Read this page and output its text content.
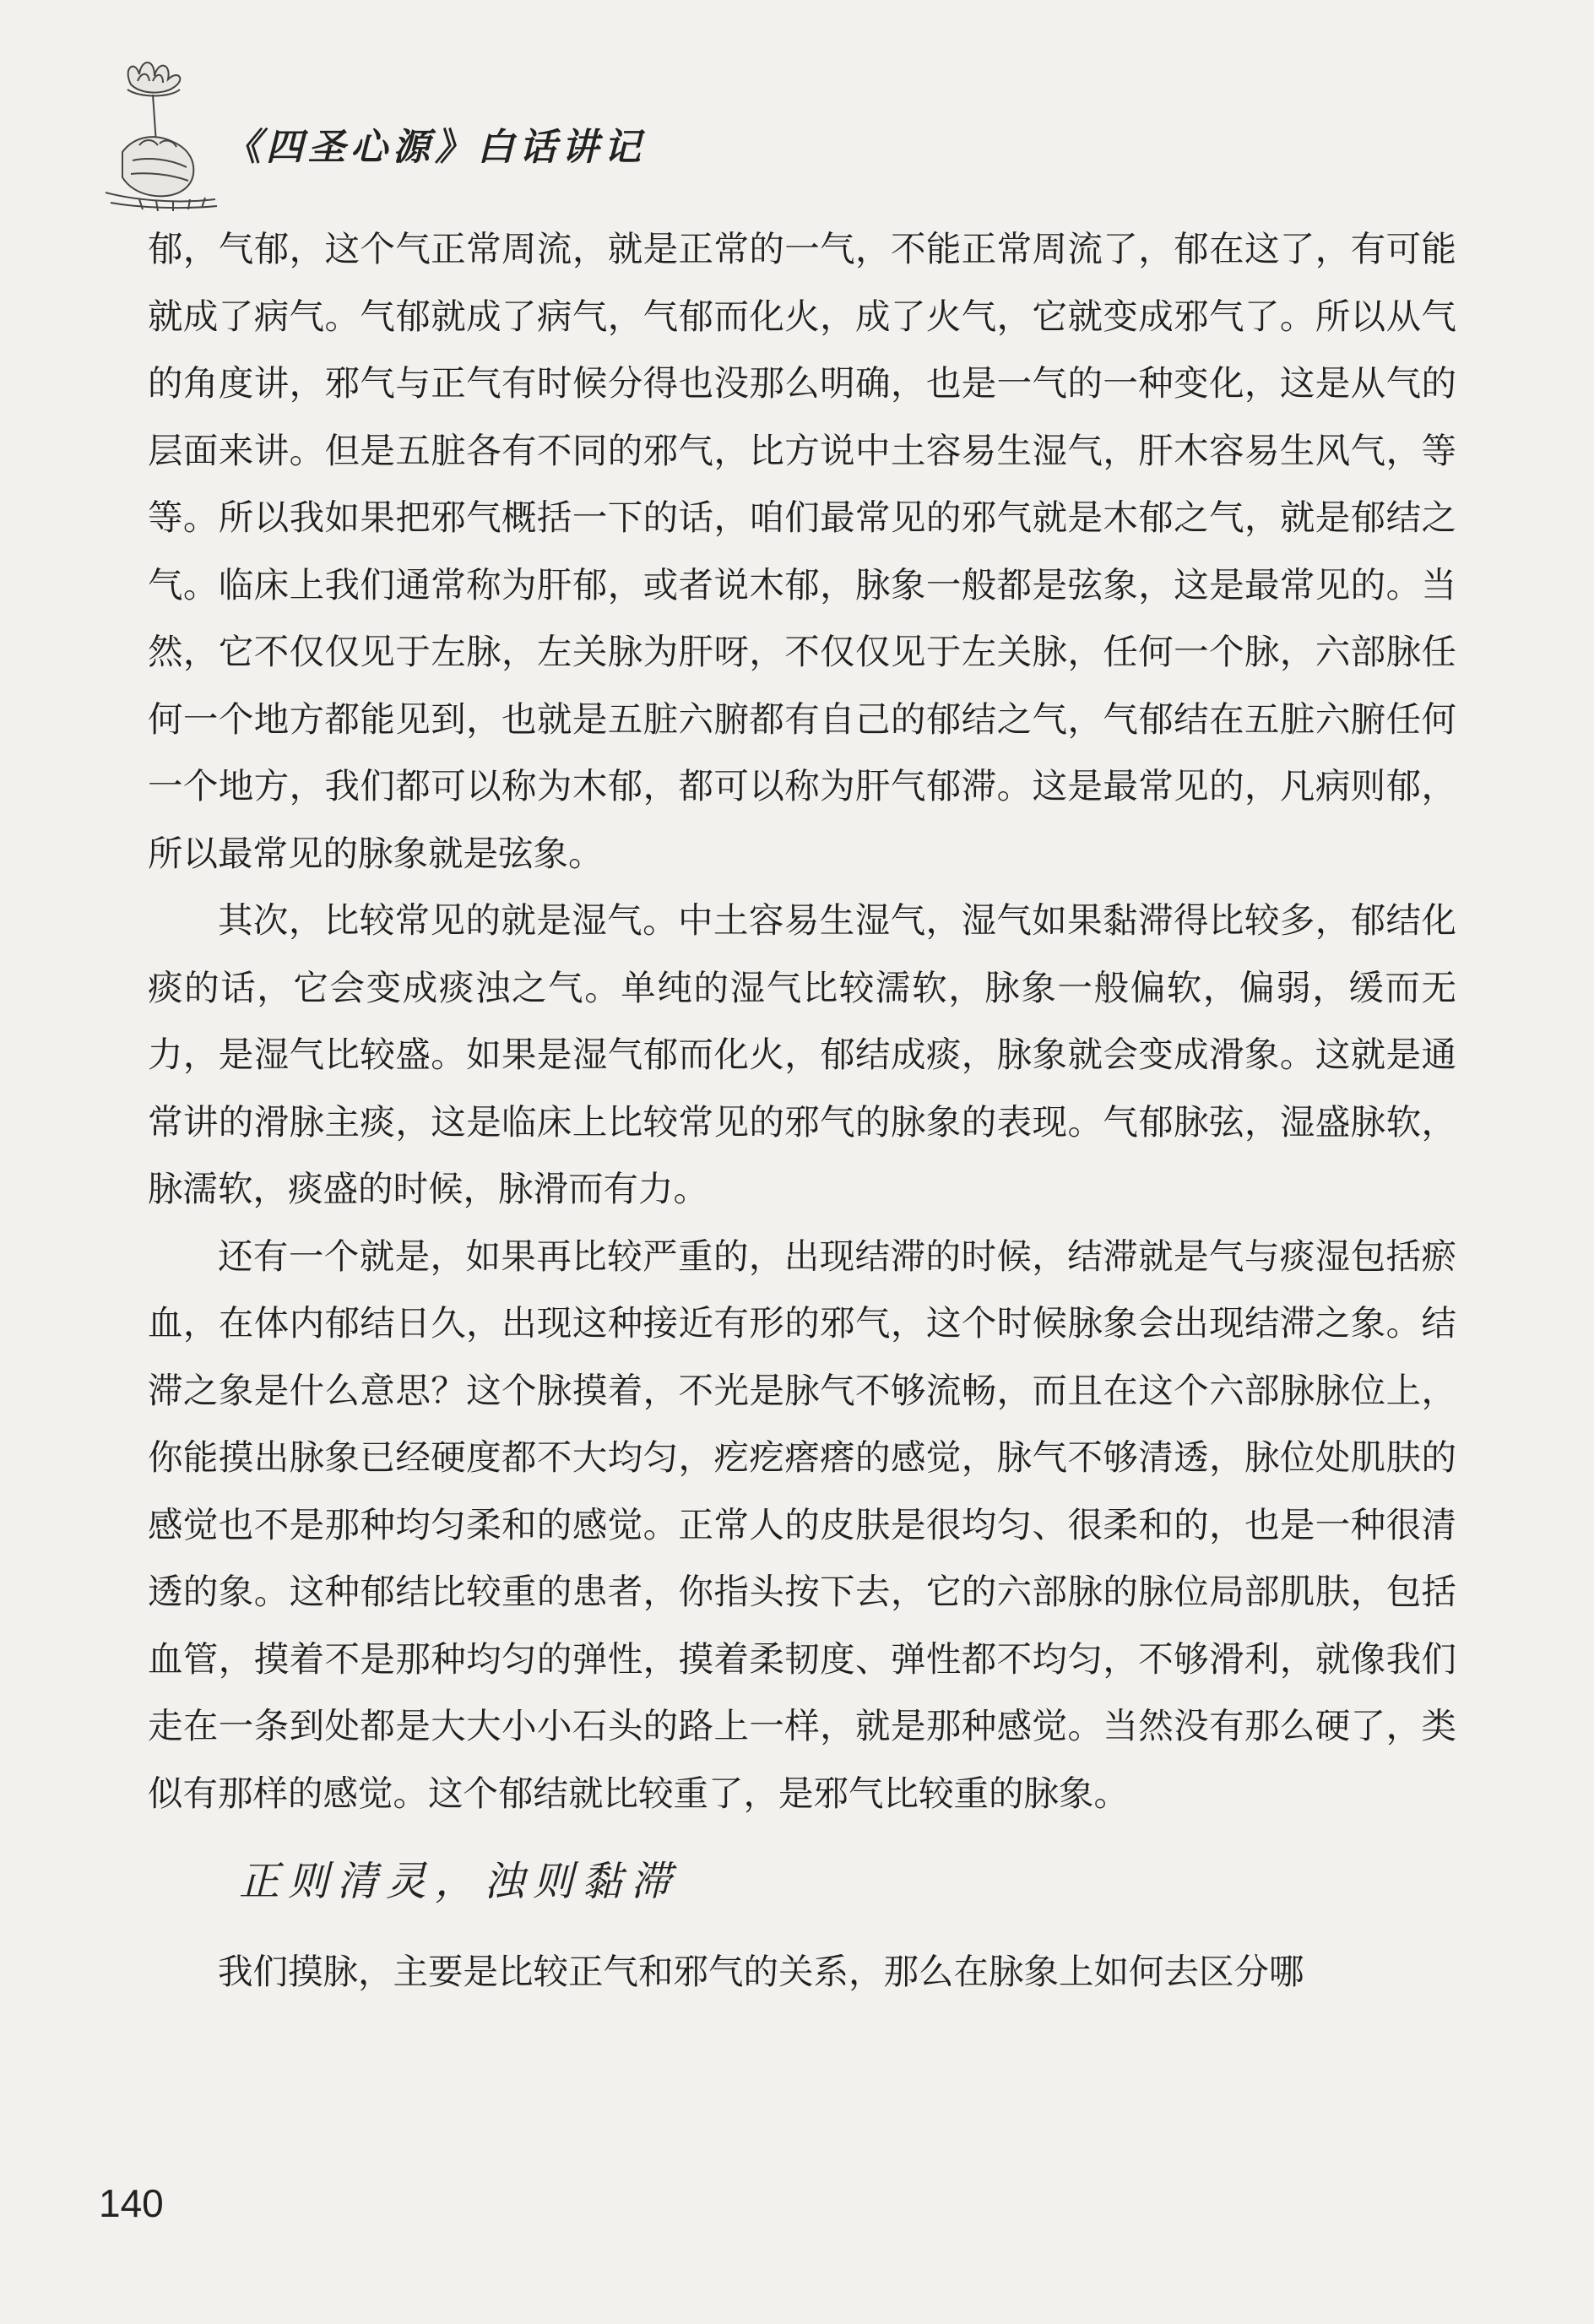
《四圣心源》白话讲记

郁，气郁，这个气正常周流，就是正常的一气，不能正常周流了，郁在这了，有可能就成了病气。气郁就成了病气，气郁而化火，成了火气，它就变成邪气了。所以从气的角度讲，邪气与正气有时候分得也没那么明确，也是一气的一种变化，这是从气的层面来讲。但是五脏各有不同的邪气，比方说中土容易生湿气，肝木容易生风气，等等。所以我如果把邪气概括一下的话，咱们最常见的邪气就是木郁之气，就是郁结之气。临床上我们通常称为肝郁，或者说木郁，脉象一般都是弦象，这是最常见的。当然，它不仅仅见于左脉，左关脉为肝呀，不仅仅见于左关脉，任何一个脉，六部脉任何一个地方都能见到，也就是五脏六腑都有自己的郁结之气，气郁结在五脏六腑任何一个地方，我们都可以称为木郁，都可以称为肝气郁滞。这是最常见的，凡病则郁，所以最常见的脉象就是弦象。

其次，比较常见的就是湿气。中土容易生湿气，湿气如果黏滞得比较多，郁结化痰的话，它会变成痰浊之气。单纯的湿气比较濡软，脉象一般偏软，偏弱，缓而无力，是湿气比较盛。如果是湿气郁而化火，郁结成痰，脉象就会变成滑象。这就是通常讲的滑脉主痰，这是临床上比较常见的邪气的脉象的表现。气郁脉弦，湿盛脉软，脉濡软，痰盛的时候，脉滑而有力。

还有一个就是，如果再比较严重的，出现结滞的时候，结滞就是气与痰湿包括瘀血，在体内郁结日久，出现这种接近有形的邪气，这个时候脉象会出现结滞之象。结滞之象是什么意思？这个脉摸着，不光是脉气不够流畅，而且在这个六部脉脉位上，你能摸出脉象已经硬度都不大均匀，疙疙瘩瘩的感觉，脉气不够清透，脉位处肌肤的感觉也不是那种均匀柔和的感觉。正常人的皮肤是很均匀、很柔和的，也是一种很清透的象。这种郁结比较重的患者，你指头按下去，它的六部脉的脉位局部肌肤，包括血管，摸着不是那种均匀的弹性，摸着柔韧度、弹性都不均匀，不够滑利，就像我们走在一条到处都是大大小小石头的路上一样，就是那种感觉。当然没有那么硬了，类似有那样的感觉。这个郁结就比较重了，是邪气比较重的脉象。

正则清灵，浊则黏滞

我们摸脉，主要是比较正气和邪气的关系，那么在脉象上如何去区分哪

140
